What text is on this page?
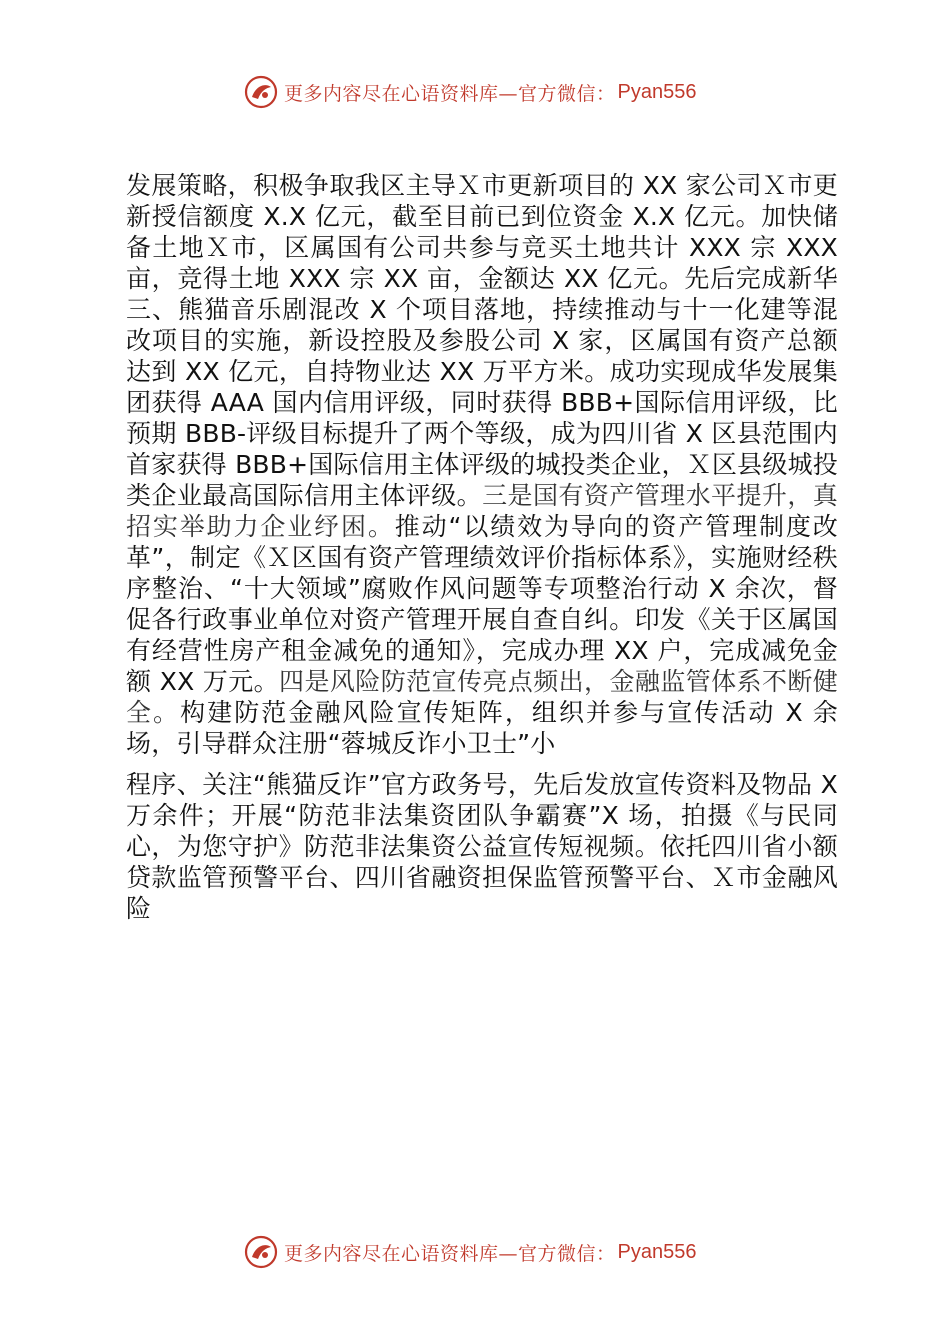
更多内容尽在心语资料库 —官方微信： Pyan556

发展策略，积极争取我区主导Ｘ市更新项目的 XX 家公司Ｘ市更新授信额度 X.X 亿元，截至目前已到位资金 X.X 亿元。加快储备土地Ｘ市，区属国有公司共参与竞买土地共计 XXX 宗 XXX 亩，竞得土地 XXX 宗 XX 亩，金额达 XX 亿元。先后完成新华三、熊猫音乐剧混改 X 个项目落地，持续推动与十一化建等混改项目的实施，新设控股及参股公司 X 家，区属国有资产总额达到 XX 亿元，自持物业达 XX 万平方米。成功实现成华发展集团获得 AAA 国内信用评级，同时获得 BBB+国际信用评级，比预期 BBB-评级目标提升了两个等级，成为四川省 X 区县范围内首家获得 BBB+国际信用主体评级的城投类企业，Ｘ区县级城投类企业最高国际信用主体评级。三是国有资产管理水平提升，真招实举助力企业纾困。推动“以绩效为导向的资产管理制度改革”，制定《Ｘ区国有资产管理绩效评价指标体系》，实施财经秩序整治、“十大领域”腐败作风问题等专项整治行动 X 余次，督促各行政事业单位对资产管理开展自查自纠。印发《关于区属国有经营性房产租金减免的通知》，完成办理 XX 户，完成减免金额 XX 万元。四是风险防范宣传亮点频出，金融监管体系不断健全。构建防范金融风险宣传矩阵，组织并参与宣传活动 X 余场，引导群众注册“蓉城反诈小卫士”小

程序、关注“熊猫反诈”官方政务号，先后发放宣传资料及物品 X 万余件；开展“防范非法集资团队争霸赛”X 场，拍摄《与民同心，为您守护》防范非法集资公益宣传短视频。依托四川省小额贷款监管预警平台、四川省融资担保监管预警平台、Ｘ市金融风险

更多内容尽在心语资料库 —官方微信： Pyan556
